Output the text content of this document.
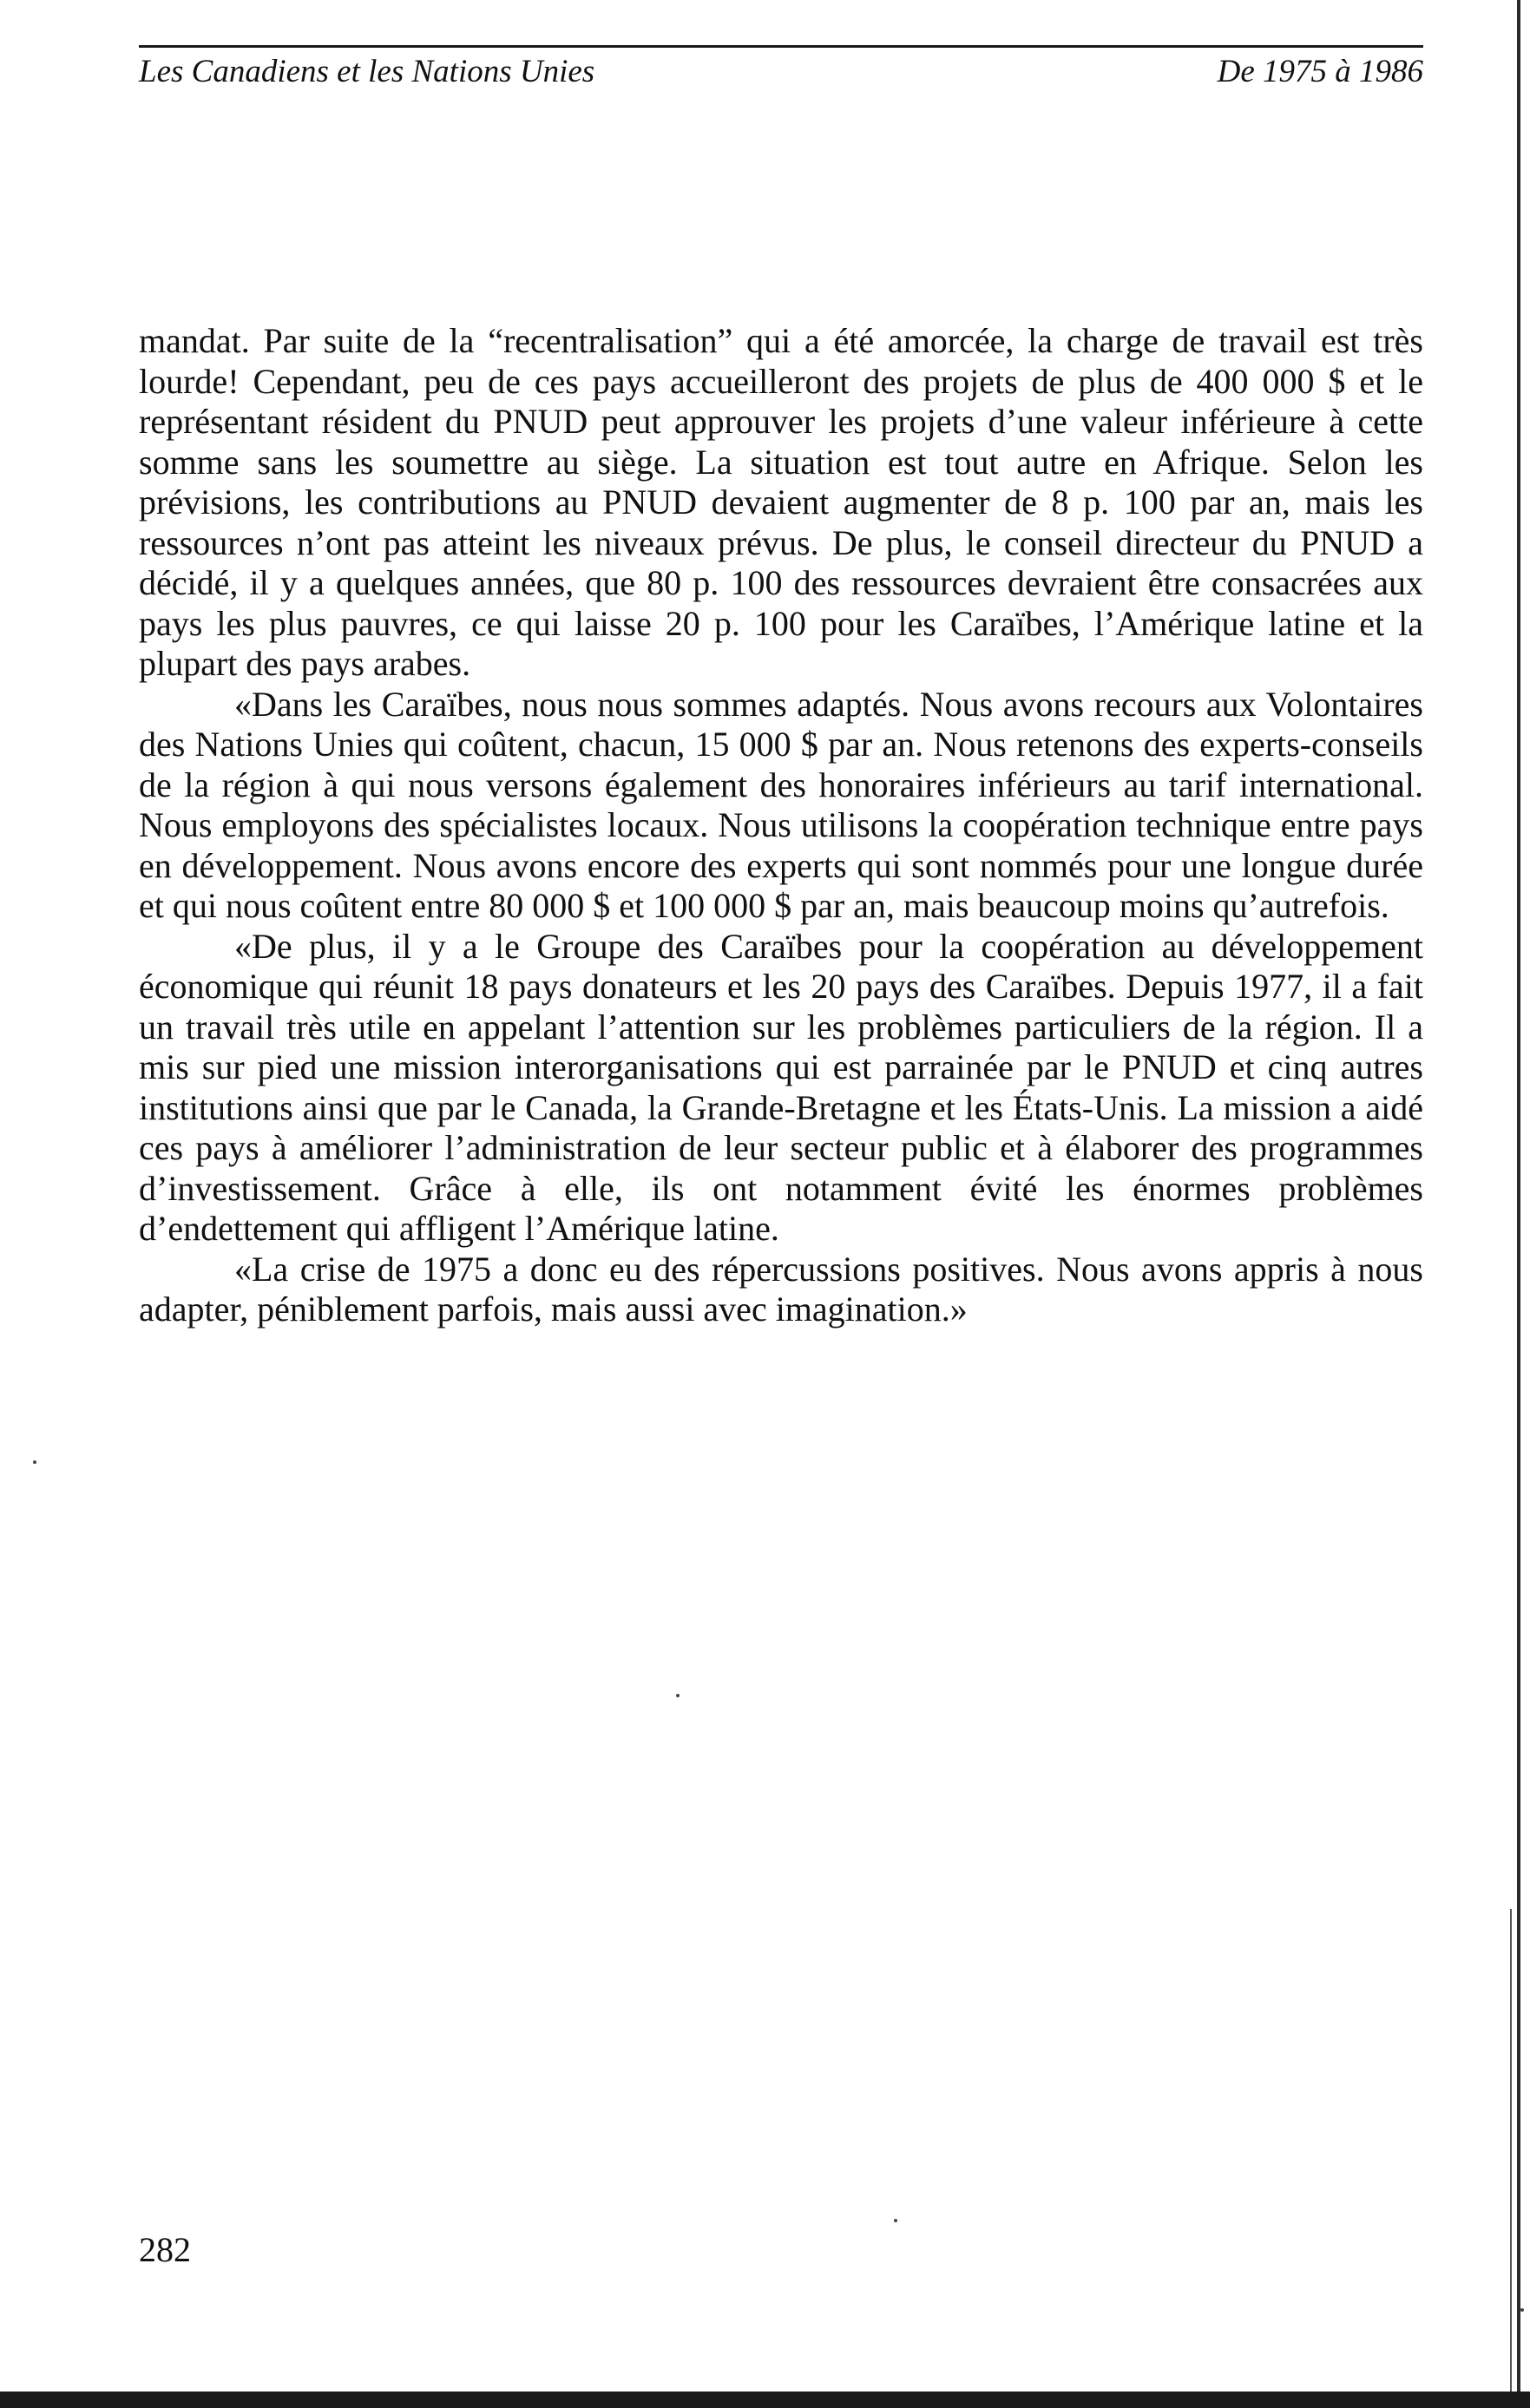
Les Canadiens et les Nations Unies	De 1975 à 1986

mandat. Par suite de la “recentralisation” qui a été amorcée, la charge de travail est très lourde! Cependant, peu de ces pays accueilleront des projets de plus de 400 000 $ et le représentant résident du PNUD peut approuver les projets d’une valeur inférieure à cette somme sans les soumettre au siège. La situation est tout autre en Afrique. Selon les prévisions, les contributions au PNUD devaient augmenter de 8 p. 100 par an, mais les ressources n’ont pas atteint les niveaux prévus. De plus, le conseil directeur du PNUD a décidé, il y a quelques années, que 80 p. 100 des ressources devraient être consacrées aux pays les plus pauvres, ce qui laisse 20 p. 100 pour les Caraïbes, l’Amérique latine et la plupart des pays arabes.

«Dans les Caraïbes, nous nous sommes adaptés. Nous avons recours aux Volontaires des Nations Unies qui coûtent, chacun, 15 000 $ par an. Nous retenons des experts-conseils de la région à qui nous versons également des honoraires inférieurs au tarif international. Nous employons des spécialistes locaux. Nous utilisons la coopération technique entre pays en développement. Nous avons encore des experts qui sont nommés pour une longue durée et qui nous coûtent entre 80 000 $ et 100 000 $ par an, mais beaucoup moins qu’autrefois.

«De plus, il y a le Groupe des Caraïbes pour la coopération au développement économique qui réunit 18 pays donateurs et les 20 pays des Caraïbes. Depuis 1977, il a fait un travail très utile en appelant l’attention sur les problèmes particuliers de la région. Il a mis sur pied une mission interorganisations qui est parrainée par le PNUD et cinq autres institutions ainsi que par le Canada, la Grande-Bretagne et les États-Unis. La mission a aidé ces pays à améliorer l’administration de leur secteur public et à élaborer des programmes d’investissement. Grâce à elle, ils ont notamment évité les énormes problèmes d’endettement qui affligent l’Amérique latine.

«La crise de 1975 a donc eu des répercussions positives. Nous avons appris à nous adapter, péniblement parfois, mais aussi avec imagination.»

282
